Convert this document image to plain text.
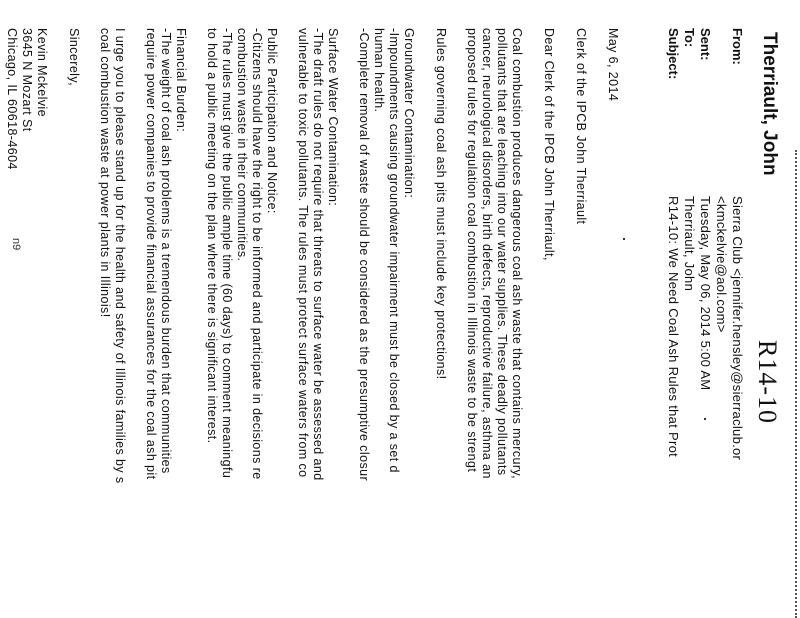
R14-10
Therriault, John
From:
Sierra Club <jennifer.hensley@sierraclub.or
<kmckelvie@aol.com>
Sent:
Tuesday, May 06, 2014 5:00 AM
To:
Therriault, John
Subject:
R14-10: We Need Coal Ash Rules that Prot

May 6, 2014

Clerk of the IPCB John Therriault

Dear Clerk of the IPCB John Therriault,

Coal combustion produces dangerous coal ash waste that contains mercury,
pollutants that are leaching into our water supplies. These deadly pollutants
cancer, neurological disorders, birth defects, reproductive failure, asthma an
proposed rules for regulation coal combustion in Illinois waste to be strengt

Rules governing coal ash pits must include key protections!

Groundwater Contamination:
-Impoundments causing groundwater impairment must be closed by a set d
human health.
-Complete removal of waste should be considered as the presumptive closur
Surface Water Contamination:
-The draft rules do not require that threats to surface water be assessed and
vulnerable to toxic pollutants. The rules must protect surface waters from co
Public Participation and Notice:
-Citizens should have the right to be informed and participate in decisions re
combustion waste in their communities.
-The rules must give the public ample time (60 days) to comment meaningfu
to hold a public meeting on the plan where there is significant interest.
Financial Burden:
-The weight of coal ash problems is a tremendous burden that communities
require power companies to provide financial assurances for the coal ash pit
I urge you to please stand up for the health and safety of Illinois families by s
coal combustion waste at power plants in Illinois!

Sincerely,

Kevin Mckelvie
3645 N Mozart St
Chicago, IL 60618-4604
n9
